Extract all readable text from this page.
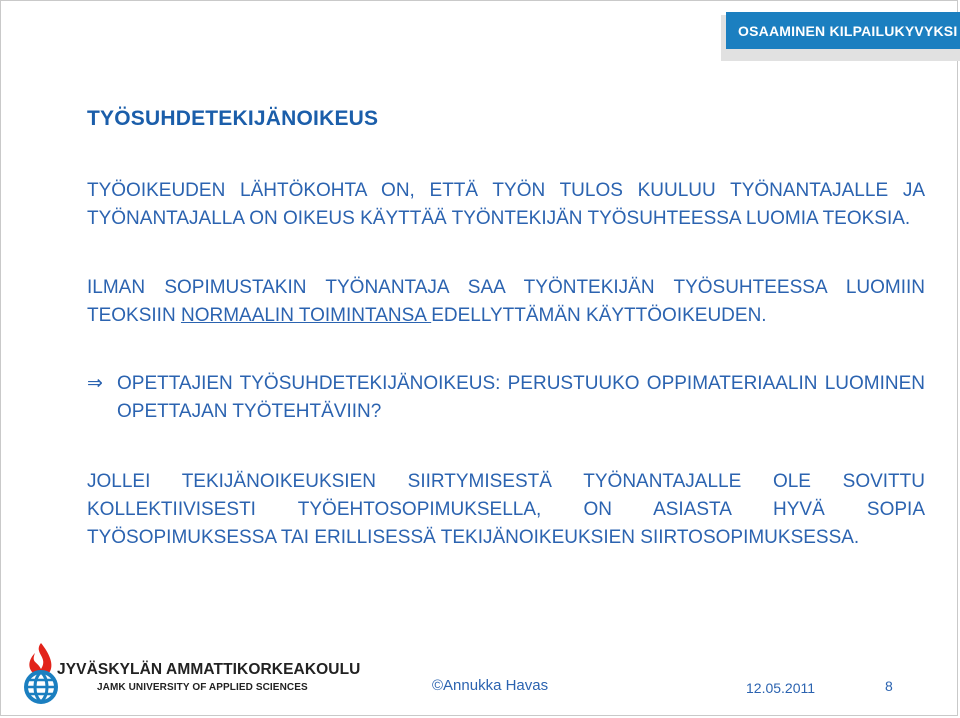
OSAAMINEN KILPAILUKYVYKSI
TYÖSUHDETEKIJÄNOIKEUS
TYÖOIKEUDEN LÄHTÖKOHTA ON, ETTÄ TYÖN TULOS KUULUU TYÖNANTAJALLE JA TYÖNANTAJALLA ON OIKEUS KÄYTTÄÄ TYÖNTEKIJÄN TYÖSUHTEESSA LUOMIA TEOKSIA.
ILMAN SOPIMUSTAKIN TYÖNANTAJA SAA TYÖNTEKIJÄN TYÖSUHTEESSA LUOMIIN TEOKSIIN NORMAALIN TOIMINTANSA EDELLYTTÄMÄN KÄYTTÖOIKEUDEN.
⇒ OPETTAJIEN TYÖSUHDETEKIJÄNOIKEUS: PERUSTUUKO OPPIMATERIAALIN LUOMINEN OPETTAJAN TYÖTEHTÄVIIN?
JOLLEI TEKIJÄNOIKEUKSIEN SIIRTYMISESTÄ TYÖNANTAJALLE OLE SOVITTU KOLLEKTIIVISESTI TYÖEHTOSOPIMUKSELLA, ON ASIASTA HYVÄ SOPIA TYÖSOPIMUKSESSA TAI ERILLISESSÄ TEKIJÄNOIKEUKSIEN SIIRTOSOPIMUKSESSA.
JYVÄSKYLÄN AMMATTIKORKEAKOULU
JAMK UNIVERSITY OF APPLIED SCIENCES	©Annukka Havas	12.05.2011	8
